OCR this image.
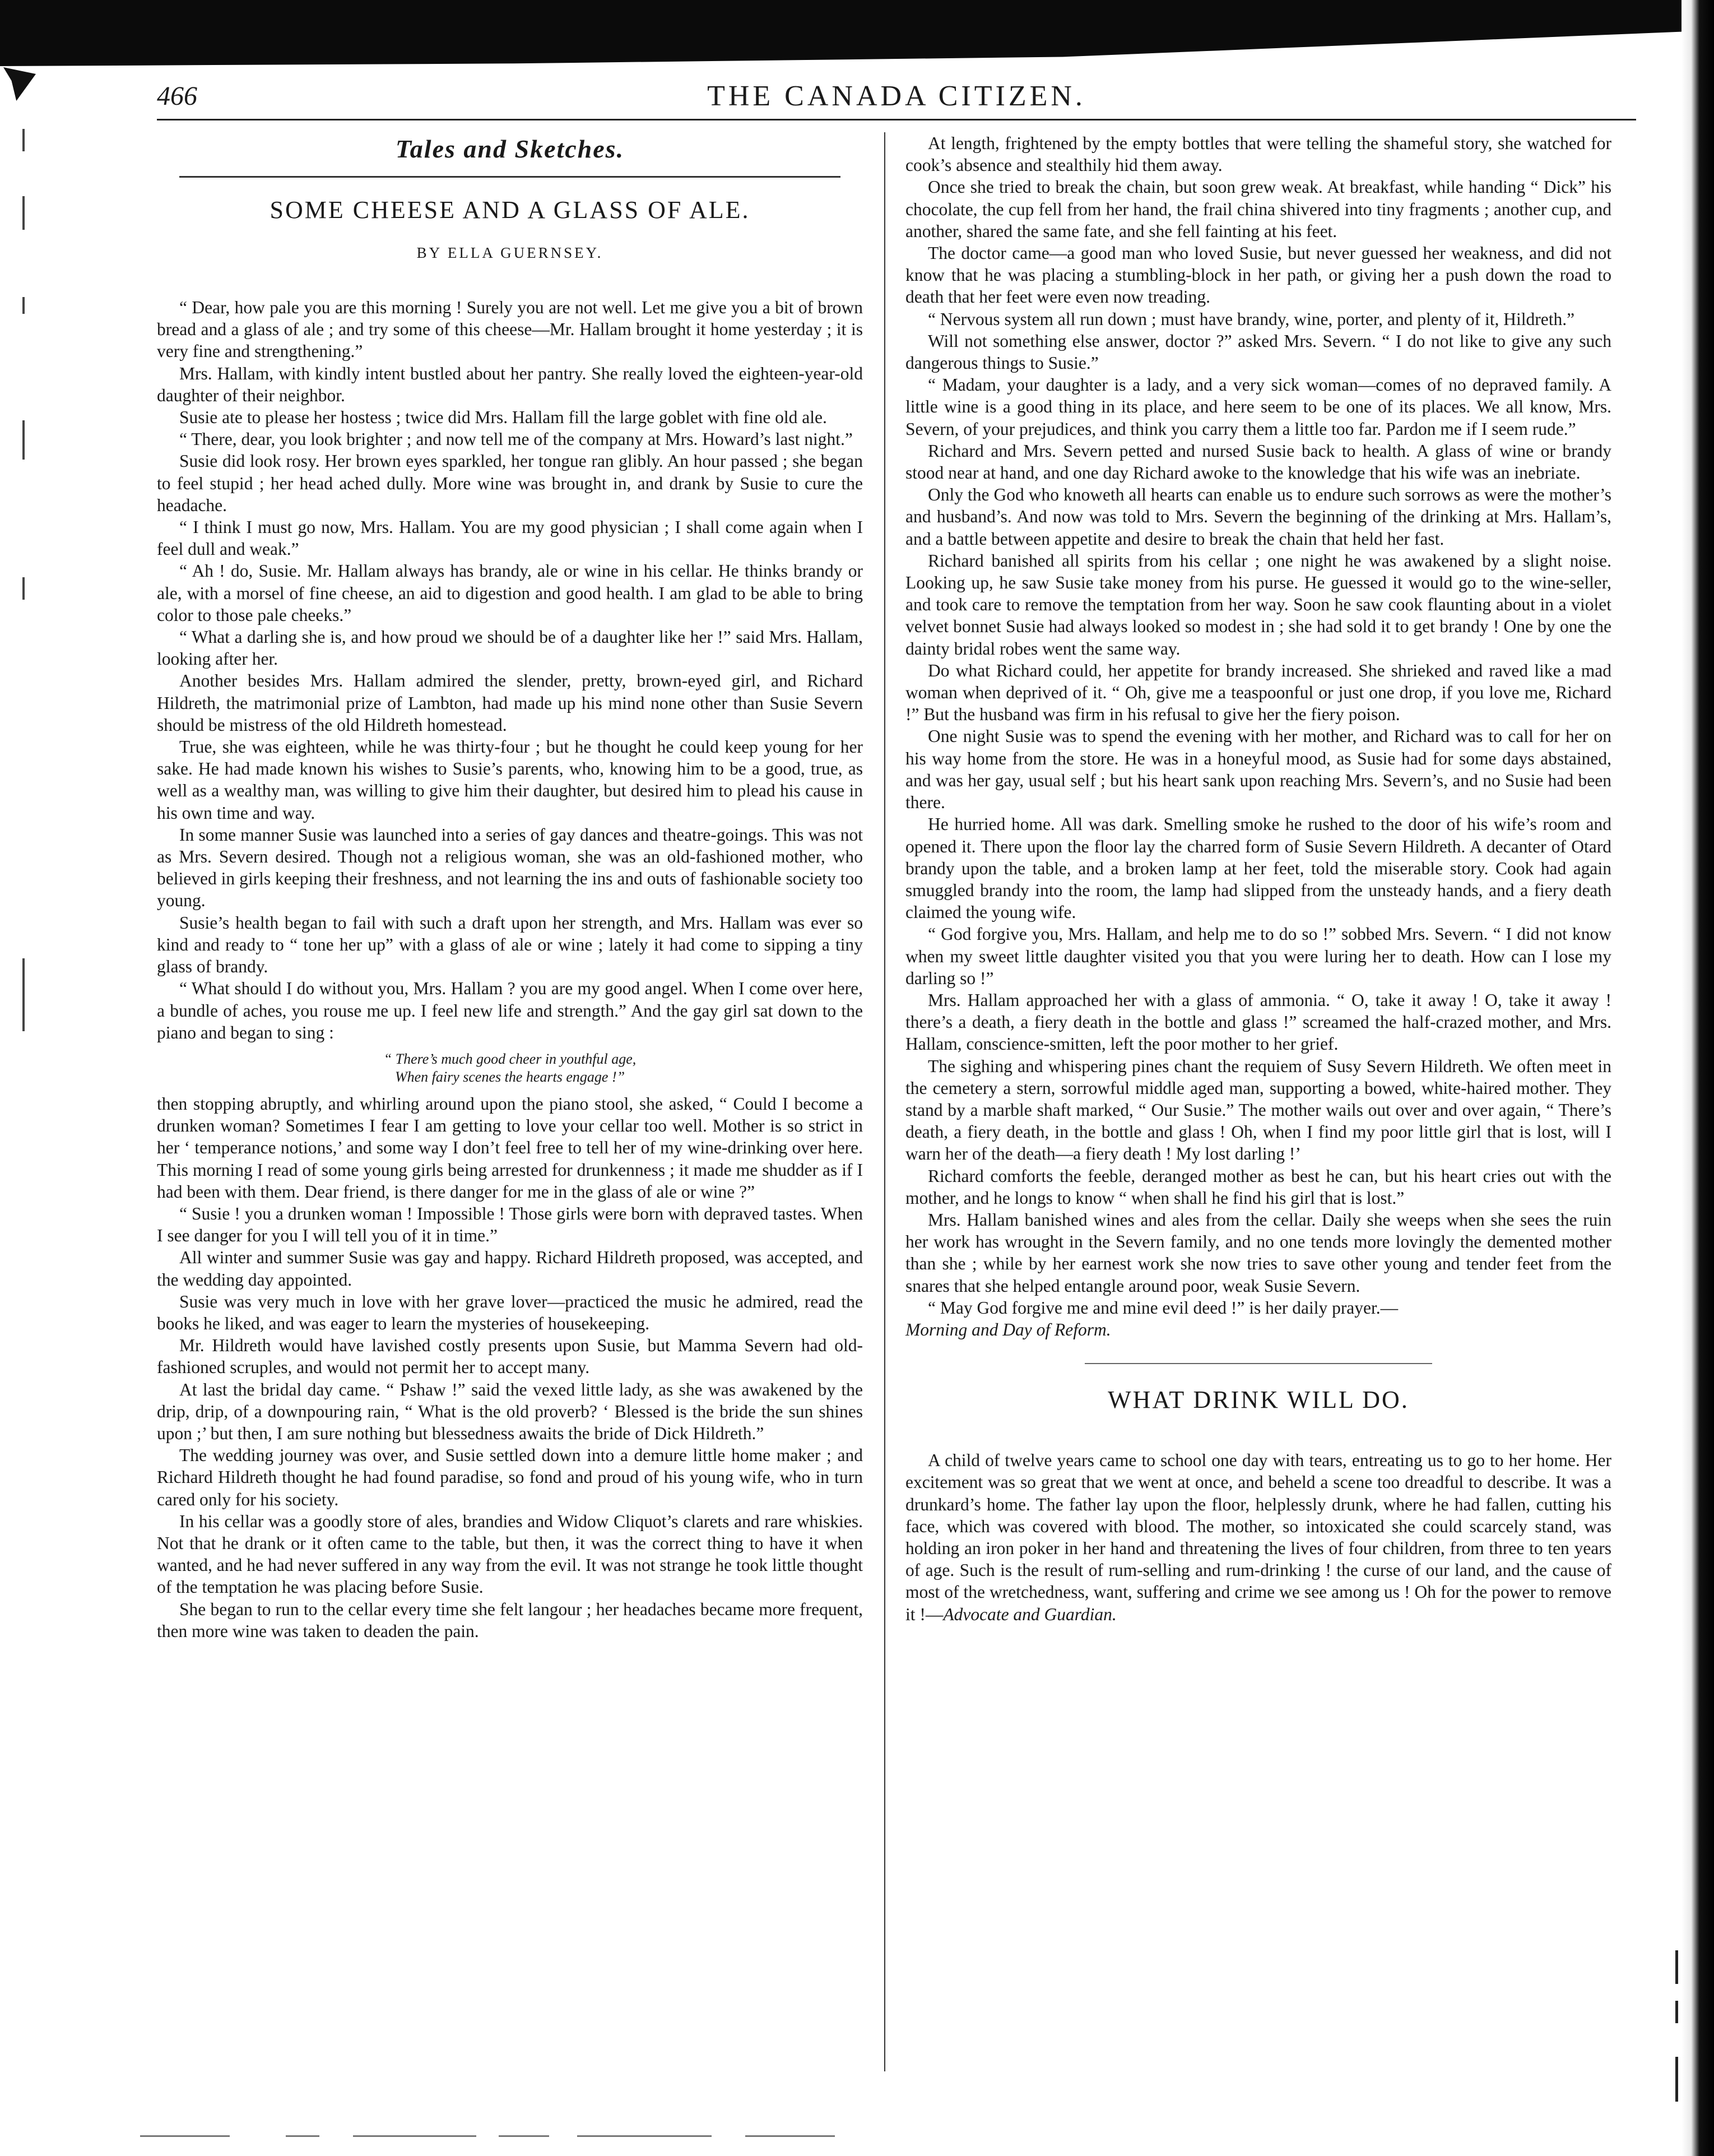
466	THE CANADA CITIZEN.
Tales and Sketches.
SOME CHEESE AND A GLASS OF ALE.
BY ELLA GUERNSEY.

“ Dear, how pale you are this morning ! Surely you are not well. Let me give you a bit of brown bread and a glass of ale ; and try some of this cheese—Mr. Hallam brought it home yesterday ; it is very fine and strengthening.”

Mrs. Hallam, with kindly intent bustled about her pantry. She really loved the eighteen-year-old daughter of their neighbor.

Susie ate to please her hostess ; twice did Mrs. Hallam fill the large goblet with fine old ale.

“ There, dear, you look brighter ; and now tell me of the company at Mrs. Howard’s last night.”

Susie did look rosy. Her brown eyes sparkled, her tongue ran glibly. An hour passed ; she began to feel stupid ; her head ached dully. More wine was brought in, and drank by Susie to cure the headache.

“ I think I must go now, Mrs. Hallam. You are my good physician ; I shall come again when I feel dull and weak.”

“ Ah ! do, Susie. Mr. Hallam always has brandy, ale or wine in his cellar. He thinks brandy or ale, with a morsel of fine cheese, an aid to digestion and good health. I am glad to be able to bring color to those pale cheeks.”

“ What a darling she is, and how proud we should be of a daughter like her !” said Mrs. Hallam, looking after her.

Another besides Mrs. Hallam admired the slender, pretty, brown-eyed girl, and Richard Hildreth, the matrimonial prize of Lambton, had made up his mind none other than Susie Severn should be mistress of the old Hildreth homestead.

True, she was eighteen, while he was thirty-four ; but he thought he could keep young for her sake. He had made known his wishes to Susie’s parents, who, knowing him to be a good, true, as well as a wealthy man, was willing to give him their daughter, but desired him to plead his cause in his own time and way.

In some manner Susie was launched into a series of gay dances and theatre-goings. This was not as Mrs. Severn desired. Though not a religious woman, she was an old-fashioned mother, who believed in girls keeping their freshness, and not learning the ins and outs of fashionable society too young.

Susie’s health began to fail with such a draft upon her strength, and Mrs. Hallam was ever so kind and ready to “ tone her up” with a glass of ale or wine ; lately it had come to sipping a tiny glass of brandy.

“ What should I do without you, Mrs. Hallam ? you are my good angel. When I come over here, a bundle of aches, you rouse me up. I feel new life and strength.” And the gay girl sat down to the piano and began to sing :

“ There’s much good cheer in youthful age,
When fairy scenes the hearts engage !”

then stopping abruptly, and whirling around upon the piano stool, she asked, “ Could I become a drunken woman? Sometimes I fear I am getting to love your cellar too well. Mother is so strict in her ‘ temperance notions,’ and some way I don’t feel free to tell her of my wine-drinking over here. This morning I read of some young girls being arrested for drunkenness ; it made me shudder as if I had been with them. Dear friend, is there danger for me in the glass of ale or wine ?”

“ Susie ! you a drunken woman ! Impossible ! Those girls were born with depraved tastes. When I see danger for you I will tell you of it in time.”

All winter and summer Susie was gay and happy. Richard Hildreth proposed, was accepted, and the wedding day appointed.

Susie was very much in love with her grave lover—practiced the music he admired, read the books he liked, and was eager to learn the mysteries of housekeeping.

Mr. Hildreth would have lavished costly presents upon Susie, but Mamma Severn had old-fashioned scruples, and would not permit her to accept many.

At last the bridal day came. “ Pshaw !” said the vexed little lady, as she was awakened by the drip, drip, of a downpouring rain, “ What is the old proverb? ‘ Blessed is the bride the sun shines upon ;’ but then, I am sure nothing but blessedness awaits the bride of Dick Hildreth.”

The wedding journey was over, and Susie settled down into a demure little home maker ; and Richard Hildreth thought he had found paradise, so fond and proud of his young wife, who in turn cared only for his society.

In his cellar was a goodly store of ales, brandies and Widow Cliquot’s clarets and rare whiskies. Not that he drank or it often came to the table, but then, it was the correct thing to have it when wanted, and he had never suffered in any way from the evil. It was not strange he took little thought of the temptation he was placing before Susie.

She began to run to the cellar every time she felt langour ; her headaches became more frequent, then more wine was taken to deaden the pain.

At length, frightened by the empty bottles that were telling the shameful story, she watched for cook’s absence and stealthily hid them away.

Once she tried to break the chain, but soon grew weak. At breakfast, while handing “ Dick” his chocolate, the cup fell from her hand, the frail china shivered into tiny fragments ; another cup, and another, shared the same fate, and she fell fainting at his feet.

The doctor came—a good man who loved Susie, but never guessed her weakness, and did not know that he was placing a stumbling-block in her path, or giving her a push down the road to death that her feet were even now treading.

“ Nervous system all run down ; must have brandy, wine, porter, and plenty of it, Hildreth.”

Will not something else answer, doctor ?” asked Mrs. Severn. “ I do not like to give any such dangerous things to Susie.”

“ Madam, your daughter is a lady, and a very sick woman—comes of no depraved family. A little wine is a good thing in its place, and here seem to be one of its places. We all know, Mrs. Severn, of your prejudices, and think you carry them a little too far. Pardon me if I seem rude.”

Richard and Mrs. Severn petted and nursed Susie back to health. A glass of wine or brandy stood near at hand, and one day Richard awoke to the knowledge that his wife was an inebriate.

Only the God who knoweth all hearts can enable us to endure such sorrows as were the mother’s and husband’s. And now was told to Mrs. Severn the beginning of the drinking at Mrs. Hallam’s, and a battle between appetite and desire to break the chain that held her fast.

Richard banished all spirits from his cellar ; one night he was awakened by a slight noise. Looking up, he saw Susie take money from his purse. He guessed it would go to the wine-seller, and took care to remove the temptation from her way. Soon he saw cook flaunting about in a violet velvet bonnet Susie had always looked so modest in ; she had sold it to get brandy ! One by one the dainty bridal robes went the same way.

Do what Richard could, her appetite for brandy increased. She shrieked and raved like a mad woman when deprived of it. “ Oh, give me a teaspoonful or just one drop, if you love me, Richard !” But the husband was firm in his refusal to give her the fiery poison.

One night Susie was to spend the evening with her mother, and Richard was to call for her on his way home from the store. He was in a honeyful mood, as Susie had for some days abstained, and was her gay, usual self ; but his heart sank upon reaching Mrs. Severn’s, and no Susie had been there.

He hurried home. All was dark. Smelling smoke he rushed to the door of his wife’s room and opened it. There upon the floor lay the charred form of Susie Severn Hildreth. A decanter of Otard brandy upon the table, and a broken lamp at her feet, told the miserable story. Cook had again smuggled brandy into the room, the lamp had slipped from the unsteady hands, and a fiery death claimed the young wife.

“ God forgive you, Mrs. Hallam, and help me to do so !” sobbed Mrs. Severn. “ I did not know when my sweet little daughter visited you that you were luring her to death. How can I lose my darling so !”

Mrs. Hallam approached her with a glass of ammonia. “ O, take it away ! O, take it away ! there’s a death, a fiery death in the bottle and glass !” screamed the half-crazed mother, and Mrs. Hallam, conscience-smitten, left the poor mother to her grief.

The sighing and whispering pines chant the requiem of Susy Severn Hildreth. We often meet in the cemetery a stern, sorrowful middle aged man, supporting a bowed, white-haired mother. They stand by a marble shaft marked, “ Our Susie.” The mother wails out over and over again, “ There’s death, a fiery death, in the bottle and glass ! Oh, when I find my poor little girl that is lost, will I warn her of the death—a fiery death ! My lost darling !’

Richard comforts the feeble, deranged mother as best he can, but his heart cries out with the mother, and he longs to know “ when shall he find his girl that is lost.”

Mrs. Hallam banished wines and ales from the cellar. Daily she weeps when she sees the ruin her work has wrought in the Severn family, and no one tends more lovingly the demented mother than she ; while by her earnest work she now tries to save other young and tender feet from the snares that she helped entangle around poor, weak Susie Severn.

“ May God forgive me and mine evil deed !” is her daily prayer.—
Morning and Day of Reform.

WHAT DRINK WILL DO.

A child of twelve years came to school one day with tears, entreating us to go to her home. Her excitement was so great that we went at once, and beheld a scene too dreadful to describe. It was a drunkard’s home. The father lay upon the floor, helplessly drunk, where he had fallen, cutting his face, which was covered with blood. The mother, so intoxicated she could scarcely stand, was holding an iron poker in her hand and threatening the lives of four children, from three to ten years of age. Such is the result of rum-selling and rum-drinking ! the curse of our land, and the cause of most of the wretchedness, want, suffering and crime we see among us ! Oh for the power to remove it !—Advocate and Guardian.
